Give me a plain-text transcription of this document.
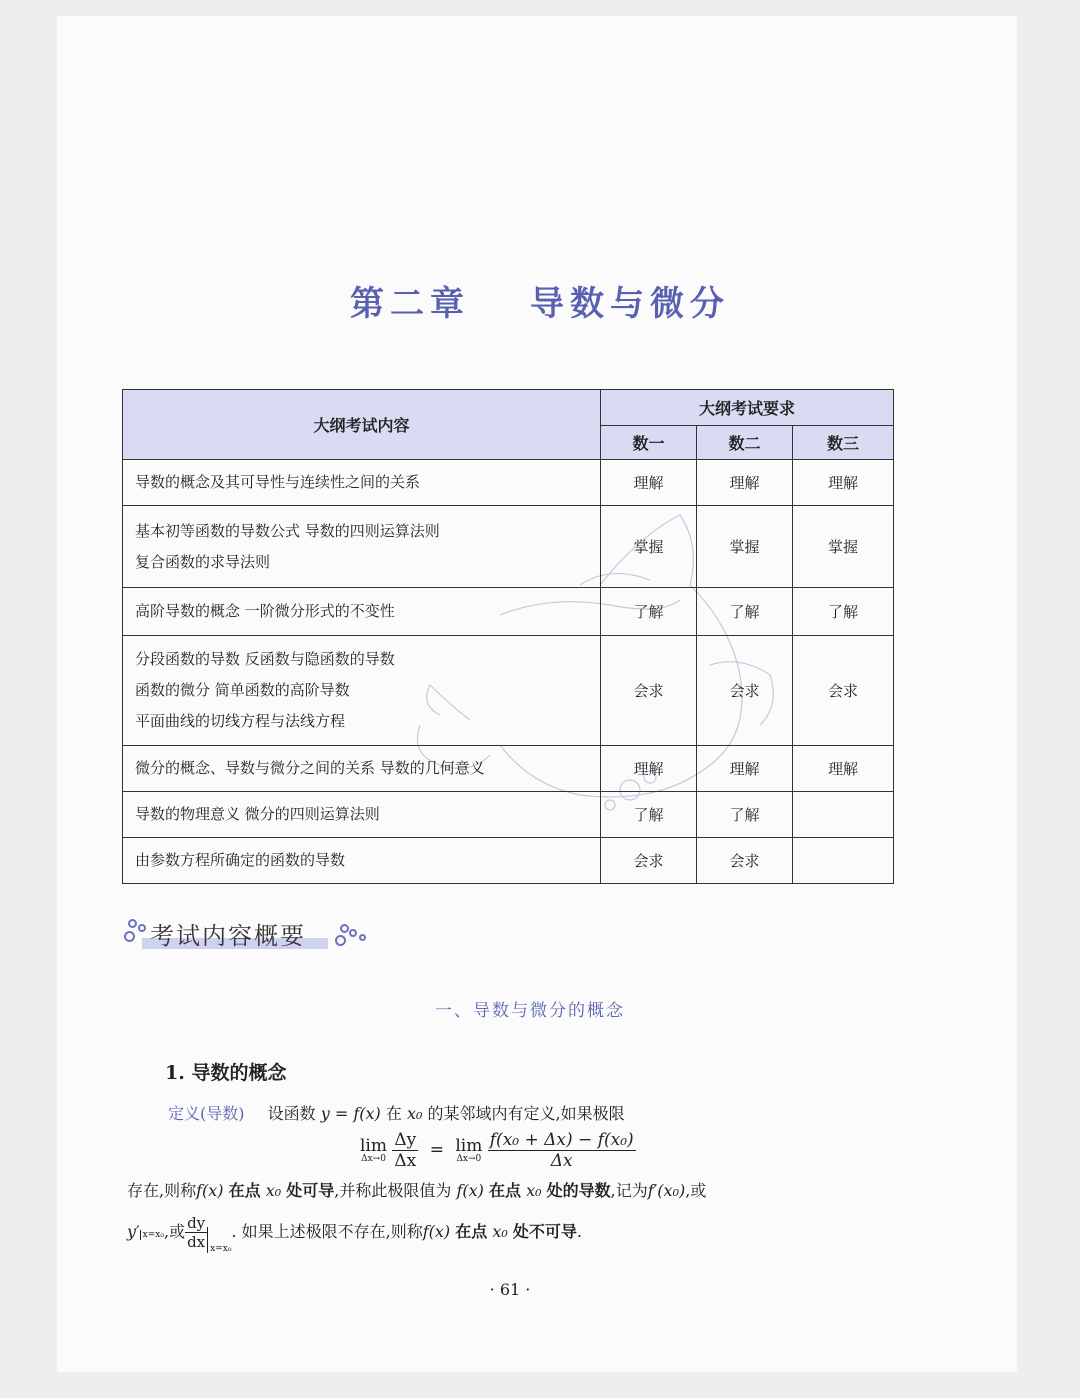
第二章 导数与微分
大纲考试内容	大纲考试要求		
	数一	数二	数三
导数的概念及其可导性与连续性之间的关系	理解	理解	理解
基本初等函数的导数公式 导数的四则运算法则
复合函数的求导法则	掌握	掌握	掌握
高阶导数的概念 一阶微分形式的不变性	了解	了解	了解
分段函数的导数 反函数与隐函数的导数
函数的微分 简单函数的高阶导数
平面曲线的切线方程与法线方程	会求	会求	会求
微分的概念、导数与微分之间的关系 导数的几何意义	理解	理解	理解
导数的物理意义 微分的四则运算法则	了解	了解	
由参数方程所确定的函数的导数	会求	会求	
考试内容概要
一、导数与微分的概念
1. 导数的概念
定义(导数) 设函数 y = f(x) 在 x₀ 的某邻域内有定义,如果极限
lim
Δx→0
$\frac{\Delta y}{\Delta x} = \lim$
Δx→0
$\frac{\text{f(x₀ + Δx) − f(x₀)}}{\Delta x}$
存在,则称f(x) 在点 x₀ 处可导,并称此极限值为 f(x) 在点 x₀ 处的导数,记为f′(x₀),或
y′ x=x₀,或 $\frac{dy}{dx} x=x_0$. 如果上述极限不存在,则称f(x) 在点 x₀ 处不可导.
· 61 ·
